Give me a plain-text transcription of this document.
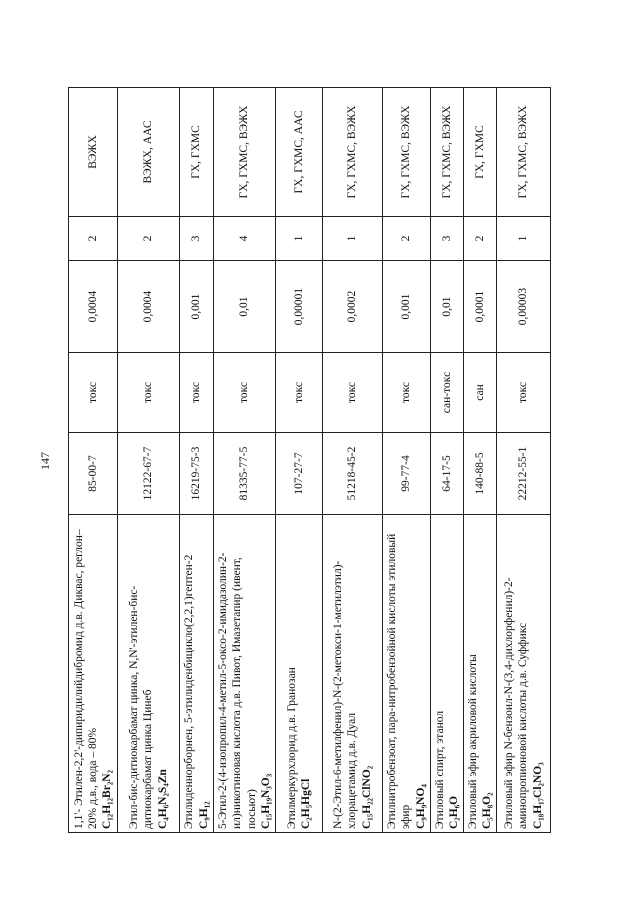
147
1,1'- Этилен-2,2'-дипиридилийдибромид д.в. Диквас, реглон– 20% д.в., вода – 80% C₁₂H₁₂Br₂N₂	85-00-7	токс	0,0004	2	ВЭЖХ

Этил-бис-дитиокарбамат цинка, N,N'-этилен-бис-дитиокарбамат цинка Цинеб C₄H₆N₂S₄Zn	12122-67-7	токс	0,0004	2	ВЭЖХ, ААС

Этилиденнорборнен, 5-этилиденбицикло(2,2,1)гептен-2 C₉H₁₂	16219-75-3	токс	0,001	3	ГХ, ГХМС

5-Этил-2-(4-изопропил-4-метил-5-оксо-2-имидазолин-2-ил)никотиновая кислота д.в. Пивот, Имазетапир (ивент, посьют) C₁₅H₁₉N₃O₃	81335-77-5	токс	0,01	4	ГХ, ГХМС, ВЭЖХ

Этилмеркурхлорид д.в. Гранозан C₂H₅HgCl	107-27-7	токс	0,00001	1	ГХ, ГХМС, ААС

N-(2-Этил-6-метилфенил)-N-(2-метокси-1-метилэтил)-хлорацетамид д.в. Дуал C₁₅H₂₂ClNO₂	51218-45-2	токс	0,0002	1	ГХ, ГХМС, ВЭЖХ

Этилнитробензоат, пара-нитробензойной кислоты этиловый эфир C₉H₉NO₄	99-77-4	токс	0,001	2	ГХ, ГХМС, ВЭЖХ

Этиловый спирт, этанол C₂H₆O	64-17-5	сан-токс	0,01	3	ГХ, ГХМС, ВЭЖХ

Этиловый эфир акриловой кислоты C₅H₈O₂	140-88-5	сан	0,0001	2	ГХ, ГХМС

Этиловый эфир N-бензоил-N-(3,4-дихлорфенил)-2-аминопропионовой кислоты д.в. Суффикс C₁₈H₁₇Cl₂NO₃	22212-55-1	токс	0,00003	1	ГХ, ГХМС, ВЭЖХ
